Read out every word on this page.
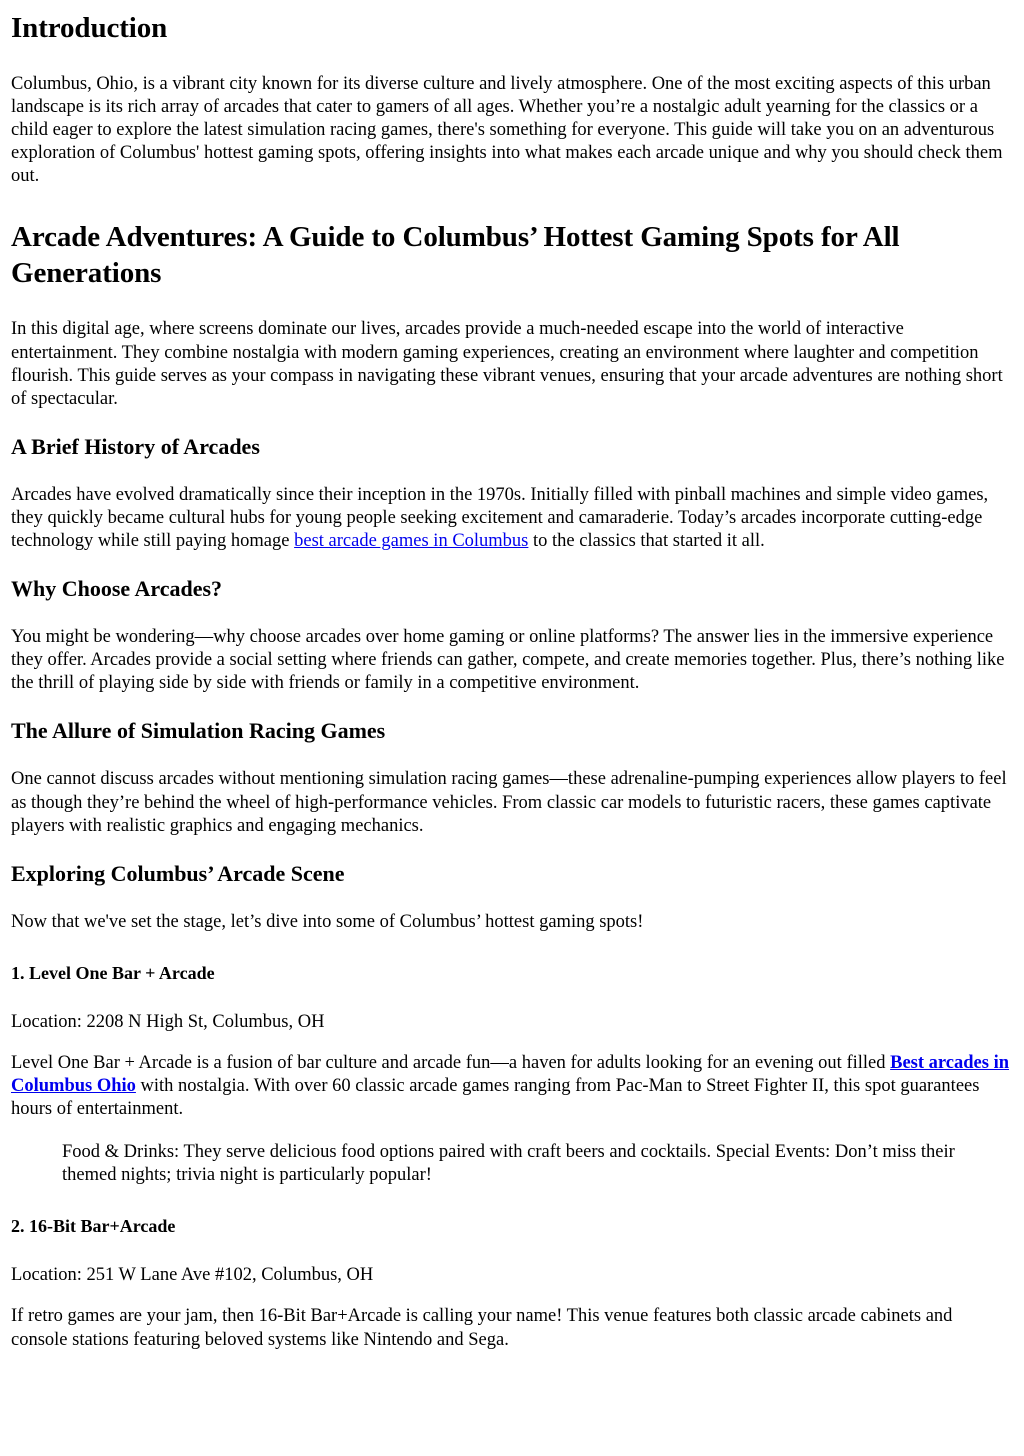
Introduction

Columbus, Ohio, is a vibrant city known for its diverse culture and lively atmosphere. One of the most exciting aspects of this urban landscape is its rich array of arcades that cater to gamers of all ages. Whether you’re a nostalgic adult yearning for the classics or a child eager to explore the latest simulation racing games, there's something for everyone. This guide will take you on an adventurous exploration of Columbus' hottest gaming spots, offering insights into what makes each arcade unique and why you should check them out.

Arcade Adventures: A Guide to Columbus’ Hottest Gaming Spots for All Generations

In this digital age, where screens dominate our lives, arcades provide a much-needed escape into the world of interactive entertainment. They combine nostalgia with modern gaming experiences, creating an environment where laughter and competition flourish. This guide serves as your compass in navigating these vibrant venues, ensuring that your arcade adventures are nothing short of spectacular.

A Brief History of Arcades

Arcades have evolved dramatically since their inception in the 1970s. Initially filled with pinball machines and simple video games, they quickly became cultural hubs for young people seeking excitement and camaraderie. Today’s arcades incorporate cutting-edge technology while still paying homage best arcade games in Columbus to the classics that started it all.

Why Choose Arcades?

You might be wondering—why choose arcades over home gaming or online platforms? The answer lies in the immersive experience they offer. Arcades provide a social setting where friends can gather, compete, and create memories together. Plus, there’s nothing like the thrill of playing side by side with friends or family in a competitive environment.

The Allure of Simulation Racing Games

One cannot discuss arcades without mentioning simulation racing games—these adrenaline-pumping experiences allow players to feel as though they’re behind the wheel of high-performance vehicles. From classic car models to futuristic racers, these games captivate players with realistic graphics and engaging mechanics.

Exploring Columbus’ Arcade Scene

Now that we've set the stage, let’s dive into some of Columbus’ hottest gaming spots!

1. Level One Bar + Arcade

Location: 2208 N High St, Columbus, OH

Level One Bar + Arcade is a fusion of bar culture and arcade fun—a haven for adults looking for an evening out filled Best arcades in Columbus Ohio with nostalgia. With over 60 classic arcade games ranging from Pac-Man to Street Fighter II, this spot guarantees hours of entertainment.

Food & Drinks: They serve delicious food options paired with craft beers and cocktails. Special Events: Don’t miss their themed nights; trivia night is particularly popular!
2. 16-Bit Bar+Arcade

Location: 251 W Lane Ave #102, Columbus, OH

If retro games are your jam, then 16-Bit Bar+Arcade is calling your name! This venue features both classic arcade cabinets and console stations featuring beloved systems like Nintendo and Sega.
